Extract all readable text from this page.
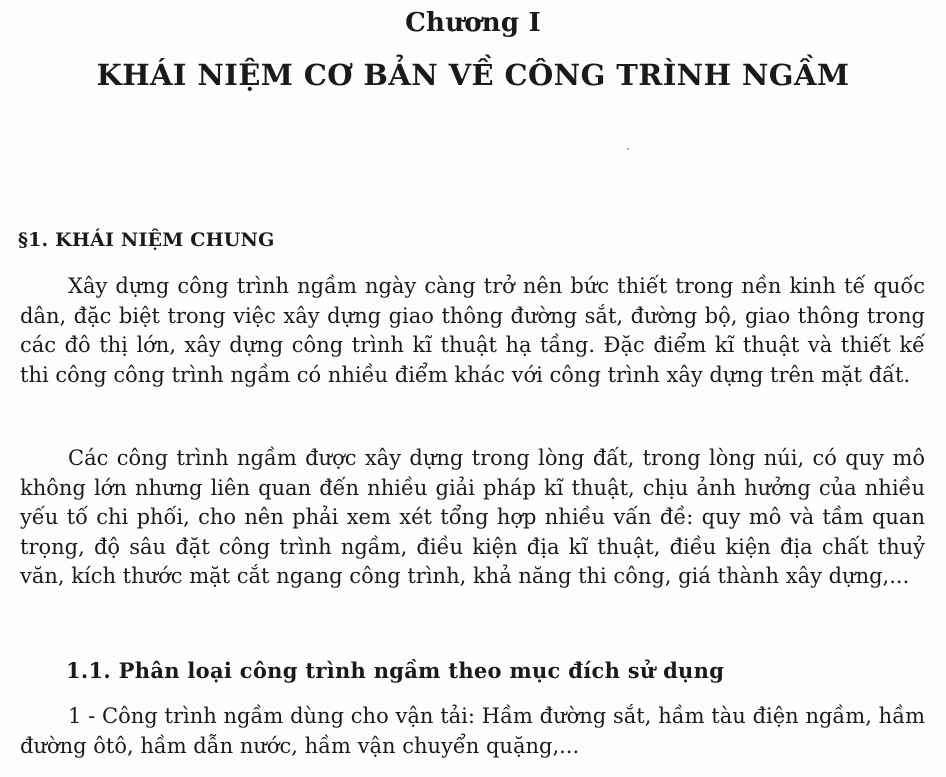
Chương I
KHÁI NIỆM CƠ BẢN VỀ CÔNG TRÌNH NGẦM
§1. KHÁI NIỆM CHUNG

Xây dựng công trình ngầm ngày càng trở nên bức thiết trong nền kinh tế quốc dân, đặc biệt trong việc xây dựng giao thông đường sắt, đường bộ, giao thông trong các đô thị lớn, xây dựng công trình kĩ thuật hạ tầng. Đặc điểm kĩ thuật và thiết kế thi công công trình ngầm có nhiều điểm khác với công trình xây dựng trên mặt đất.

Các công trình ngầm được xây dựng trong lòng đất, trong lòng núi, có quy mô không lớn nhưng liên quan đến nhiều giải pháp kĩ thuật, chịu ảnh hưởng của nhiều yếu tố chi phối, cho nên phải xem xét tổng hợp nhiều vấn đề: quy mô và tầm quan trọng, độ sâu đặt công trình ngầm, điều kiện địa kĩ thuật, điều kiện địa chất thuỷ văn, kích thước mặt cắt ngang công trình, khả năng thi công, giá thành xây dựng,...

1.1. Phân loại công trình ngầm theo mục đích sử dụng

1 - Công trình ngầm dùng cho vận tải: Hầm đường sắt, hầm tàu điện ngầm, hầm đường ôtô, hầm dẫn nước, hầm vận chuyển quặng,...
